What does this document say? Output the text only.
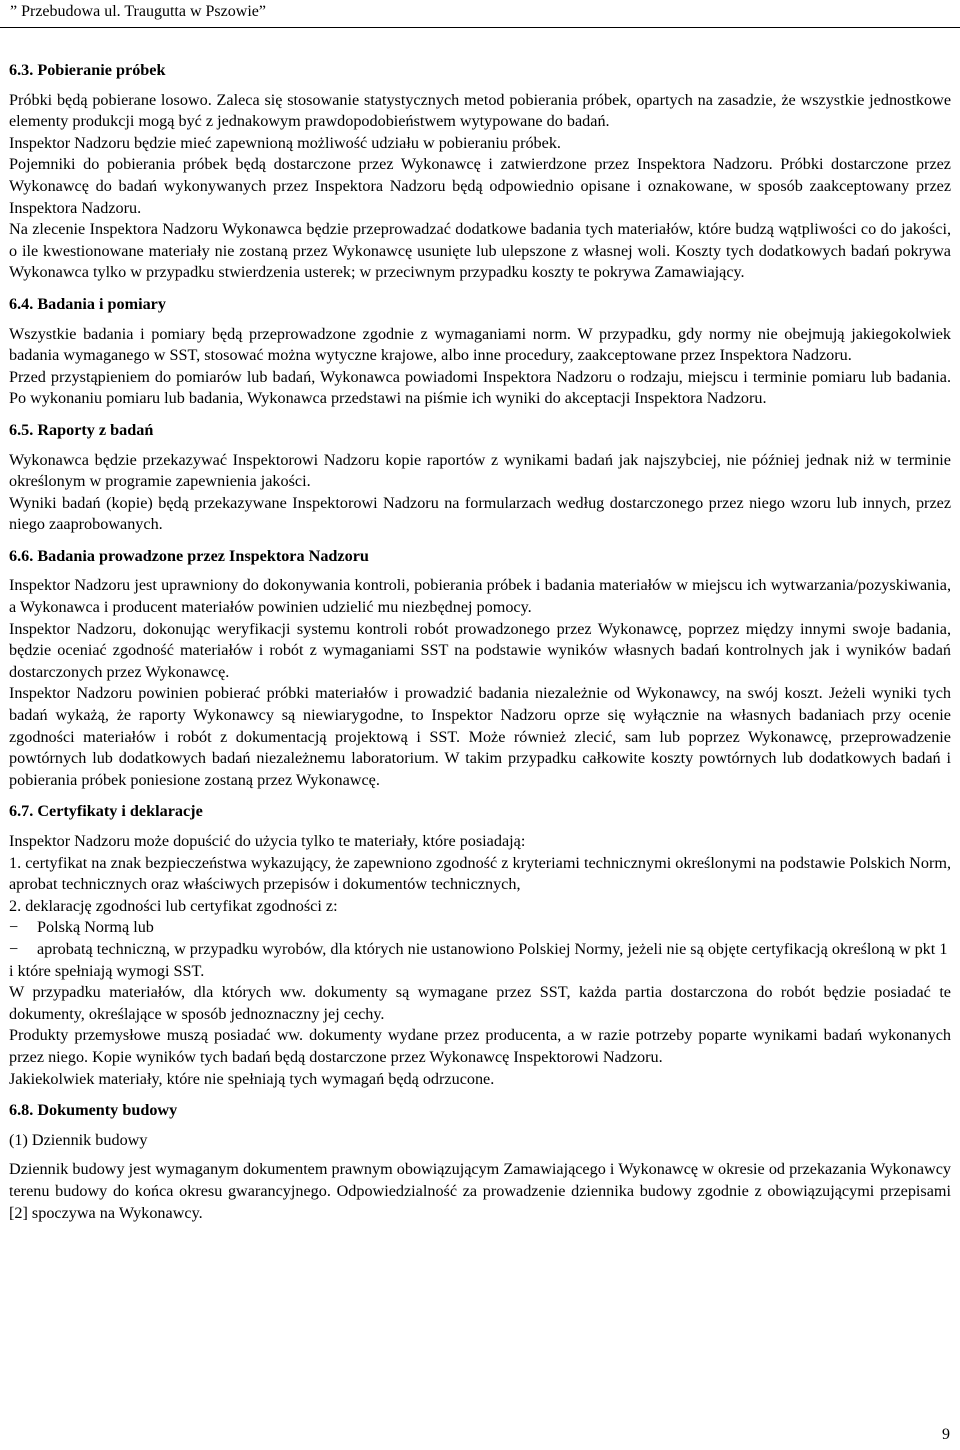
” Przebudowa ul. Traugutta w Pszowie”

6.3. Pobieranie próbek

Próbki będą pobierane losowo. Zaleca się stosowanie statystycznych metod pobierania próbek, opartych na zasadzie, że wszystkie jednostkowe elementy produkcji mogą być z jednakowym prawdopodobieństwem wytypowane do badań.

Inspektor Nadzoru będzie mieć zapewnioną możliwość udziału w pobieraniu próbek.

Pojemniki do pobierania próbek będą dostarczone przez Wykonawcę i zatwierdzone przez Inspektora Nadzoru. Próbki dostarczone przez Wykonawcę do badań wykonywanych przez Inspektora Nadzoru będą odpowiednio opisane i oznakowane, w sposób zaakceptowany przez Inspektora Nadzoru.

Na zlecenie Inspektora Nadzoru Wykonawca będzie przeprowadzać dodatkowe badania tych materiałów, które budzą wątpliwości co do jakości, o ile kwestionowane materiały nie zostaną przez Wykonawcę usunięte lub ulepszone z własnej woli. Koszty tych dodatkowych badań pokrywa Wykonawca tylko w przypadku stwierdzenia usterek; w przeciwnym przypadku koszty te pokrywa Zamawiający.

6.4. Badania i pomiary

Wszystkie badania i pomiary będą przeprowadzone zgodnie z wymaganiami norm. W przypadku, gdy normy nie obejmują jakiegokolwiek badania wymaganego w SST, stosować można wytyczne krajowe, albo inne procedury, zaakceptowane przez Inspektora Nadzoru.

Przed przystąpieniem do pomiarów lub badań, Wykonawca powiadomi Inspektora Nadzoru o rodzaju, miejscu i terminie pomiaru lub badania. Po wykonaniu pomiaru lub badania, Wykonawca przedstawi na piśmie ich wyniki do akceptacji Inspektora Nadzoru.

6.5. Raporty z badań

Wykonawca będzie przekazywać Inspektorowi Nadzoru kopie raportów z wynikami badań jak najszybciej, nie później jednak niż w terminie określonym w programie zapewnienia jakości.

Wyniki badań (kopie) będą przekazywane Inspektorowi Nadzoru na formularzach według dostarczonego przez niego wzoru lub innych, przez niego zaaprobowanych.

6.6. Badania prowadzone przez Inspektora Nadzoru

Inspektor Nadzoru jest uprawniony do dokonywania kontroli, pobierania próbek i badania materiałów w miejscu ich wytwarzania/pozyskiwania, a Wykonawca i producent materiałów powinien udzielić mu niezbędnej pomocy.

Inspektor Nadzoru, dokonując weryfikacji systemu kontroli robót prowadzonego przez Wykonawcę, poprzez między innymi swoje badania, będzie oceniać zgodność materiałów i robót z wymaganiami SST na podstawie wyników własnych badań kontrolnych jak i wyników badań dostarczonych przez Wykonawcę.

Inspektor Nadzoru powinien pobierać próbki materiałów i prowadzić badania niezależnie od Wykonawcy, na swój koszt. Jeżeli wyniki tych badań wykażą, że raporty Wykonawcy są niewiarygodne, to Inspektor Nadzoru oprze się wyłącznie na własnych badaniach przy ocenie zgodności materiałów i robót z dokumentacją projektową i SST. Może również zlecić, sam lub poprzez Wykonawcę, przeprowadzenie powtórnych lub dodatkowych badań niezależnemu laboratorium. W takim przypadku całkowite koszty powtórnych lub dodatkowych badań i pobierania próbek poniesione zostaną przez Wykonawcę.

6.7. Certyfikaty i deklaracje

Inspektor Nadzoru może dopuścić do użycia tylko te materiały, które posiadają:

1. certyfikat na znak bezpieczeństwa wykazujący, że zapewniono zgodność z kryteriami technicznymi określonymi na podstawie Polskich Norm, aprobat technicznych oraz właściwych przepisów i dokumentów technicznych,

2. deklarację zgodności lub certyfikat zgodności z:

− Polską Normą lub

− aprobatą techniczną, w przypadku wyrobów, dla których nie ustanowiono Polskiej Normy, jeżeli nie są objęte certyfikacją określoną w pkt 1

i które spełniają wymogi SST.

W przypadku materiałów, dla których ww. dokumenty są wymagane przez SST, każda partia dostarczona do robót będzie posiadać te dokumenty, określające w sposób jednoznaczny jej cechy.

Produkty przemysłowe muszą posiadać ww. dokumenty wydane przez producenta, a w razie potrzeby poparte wynikami badań wykonanych przez niego. Kopie wyników tych badań będą dostarczone przez Wykonawcę Inspektorowi Nadzoru.

Jakiekolwiek materiały, które nie spełniają tych wymagań będą odrzucone.

6.8. Dokumenty budowy

(1) Dziennik budowy

Dziennik budowy jest wymaganym dokumentem prawnym obowiązującym Zamawiającego i Wykonawcę w okresie od przekazania Wykonawcy terenu budowy do końca okresu gwarancyjnego. Odpowiedzialność za prowadzenie dziennika budowy zgodnie z obowiązującymi przepisami [2] spoczywa na Wykonawcy.

9
